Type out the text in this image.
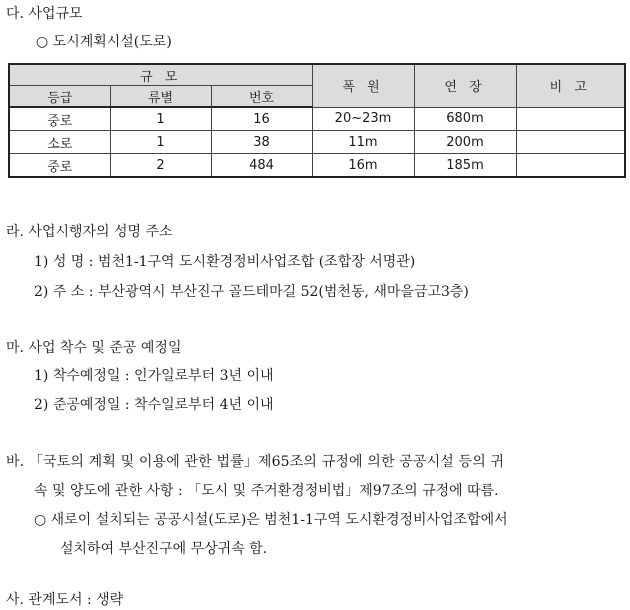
다. 사업규모
○ 도시계획시설(도로)
규 모			폭 원	연 장	비 고
등급	류별	번호			
중로	1	16	20~23m	680m	
소로	1	38	11m	200m	
중로	2	484	16m	185m	
라. 사업시행자의 성명 주소
1) 성 명 : 범천1-1구역 도시환경정비사업조합 (조합장 서명관)
2) 주 소 : 부산광역시 부산진구 골드테마길 52(범천동, 새마을금고3층)
마. 사업 착수 및 준공 예정일
1) 착수예정일 : 인가일로부터 3년 이내
2) 준공예정일 : 착수일로부터 4년 이내
바. 「국토의 계획 및 이용에 관한 법률」제65조의 규정에 의한 공공시설 등의 귀
속 및 양도에 관한 사항 : 「도시 및 주거환경정비법」제97조의 규정에 따름.
○ 새로이 설치되는 공공시설(도로)은 범천1-1구역 도시환경정비사업조합에서
설치하여 부산진구에 무상귀속 함.
사. 관계도서 : 생략
